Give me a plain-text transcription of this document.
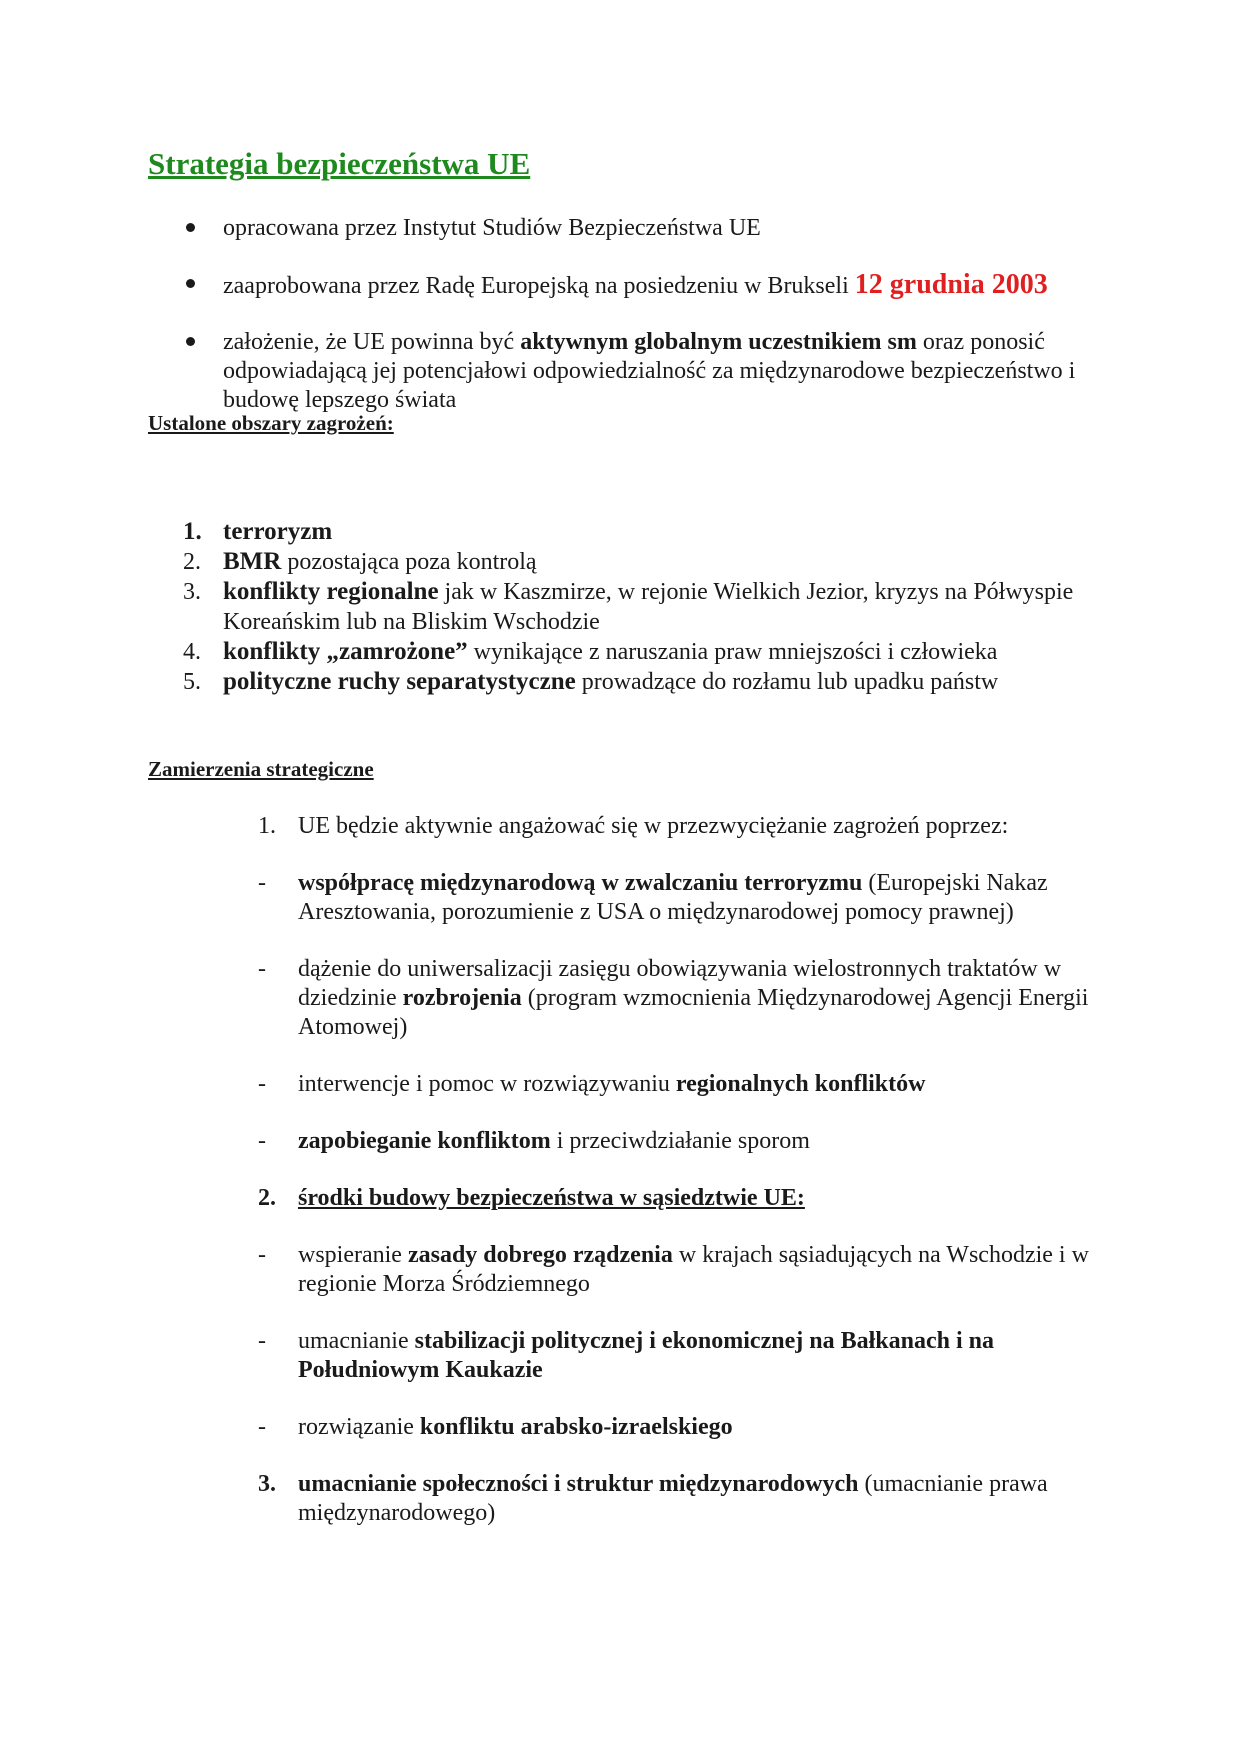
Strategia bezpieczeństwa UE
opracowana przez Instytut Studiów Bezpieczeństwa UE
zaaprobowana przez Radę Europejską na posiedzeniu w Brukseli 12 grudnia 2003
założenie, że UE powinna być aktywnym globalnym uczestnikiem sm oraz ponosić odpowiadającą jej potencjałowi odpowiedzialność za międzynarodowe bezpieczeństwo i budowę lepszego świata
Ustalone obszary zagrożeń:
1. terroryzm
2. BMR pozostająca poza kontrolą
3. konflikty regionalne jak w Kaszmirze, w rejonie Wielkich Jezior, kryzys na Półwyspie Koreańskim lub na Bliskim Wschodzie
4. konflikty „zamrożone” wynikające z naruszania praw mniejszości i człowieka
5. polityczne ruchy separatystyczne prowadzące do rozłamu lub upadku państw
Zamierzenia strategiczne
1. UE będzie aktywnie angażować się w przezwyciężanie zagrożeń poprzez:
- współpracę międzynarodową w zwalczaniu terroryzmu (Europejski Nakaz Aresztowania, porozumienie z USA o międzynarodowej pomocy prawnej)
- dążenie do uniwersalizacji zasięgu obowiązywania wielostronnych traktatów w dziedzinie rozbrojenia (program wzmocnienia Międzynarodowej Agencji Energii Atomowej)
- interwencje i pomoc w rozwiązywaniu regionalnych konfliktów
- zapobieganie konfliktom i przeciwdziałanie sporom
2. środki budowy bezpieczeństwa w sąsiedztwie UE:
- wspieranie zasady dobrego rządzenia w krajach sąsiadujących na Wschodzie i w regionie Morza Śródziemnego
- umacnianie stabilizacji politycznej i ekonomicznej na Bałkanach i na Południowym Kaukazie
- rozwiązanie konfliktu arabsko-izraelskiego
3. umacnianie społeczności i struktur międzynarodowych (umacnianie prawa międzynarodowego)
